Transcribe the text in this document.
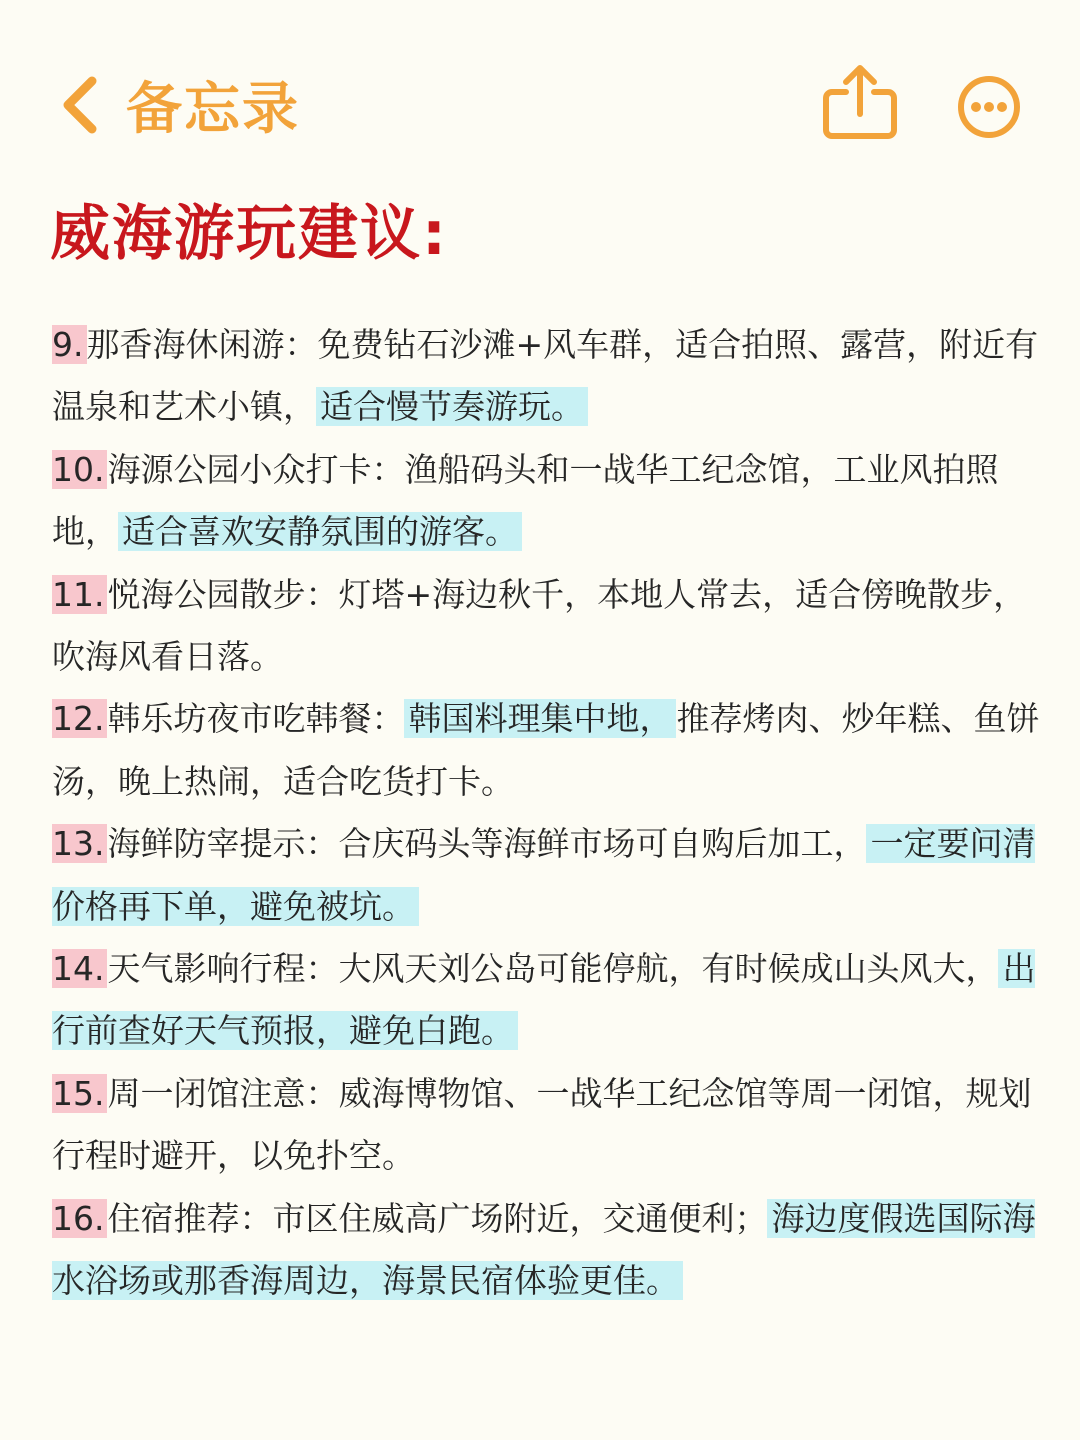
备忘录
威海游玩建议:
9.那香海休闲游：免费钻石沙滩+风车群，适合拍照、露营，附近有温泉和艺术小镇， 适合慢节奏游玩。
10.海源公园小众打卡：渔船码头和一战华工纪念馆，工业风拍照地， 适合喜欢安静氛围的游客。
11.悦海公园散步：灯塔+海边秋千，本地人常去，适合傍晚散步，吹海风看日落。
12.韩乐坊夜市吃韩餐： 韩国料理集中地， 推荐烤肉、炒年糕、鱼饼汤，晚上热闹，适合吃货打卡。
13.海鲜防宰提示：合庆码头等海鲜市场可自购后加工， 一定要问清价格再下单，避免被坑。
14.天气影响行程：大风天刘公岛可能停航，有时候成山头风大， 出行前查好天气预报，避免白跑。
15.周一闭馆注意：威海博物馆、一战华工纪念馆等周一闭馆，规划行程时避开，以免扑空。
16.住宿推荐：市区住威高广场附近，交通便利； 海边度假选国际海水浴场或那香海周边，海景民宿体验更佳。
